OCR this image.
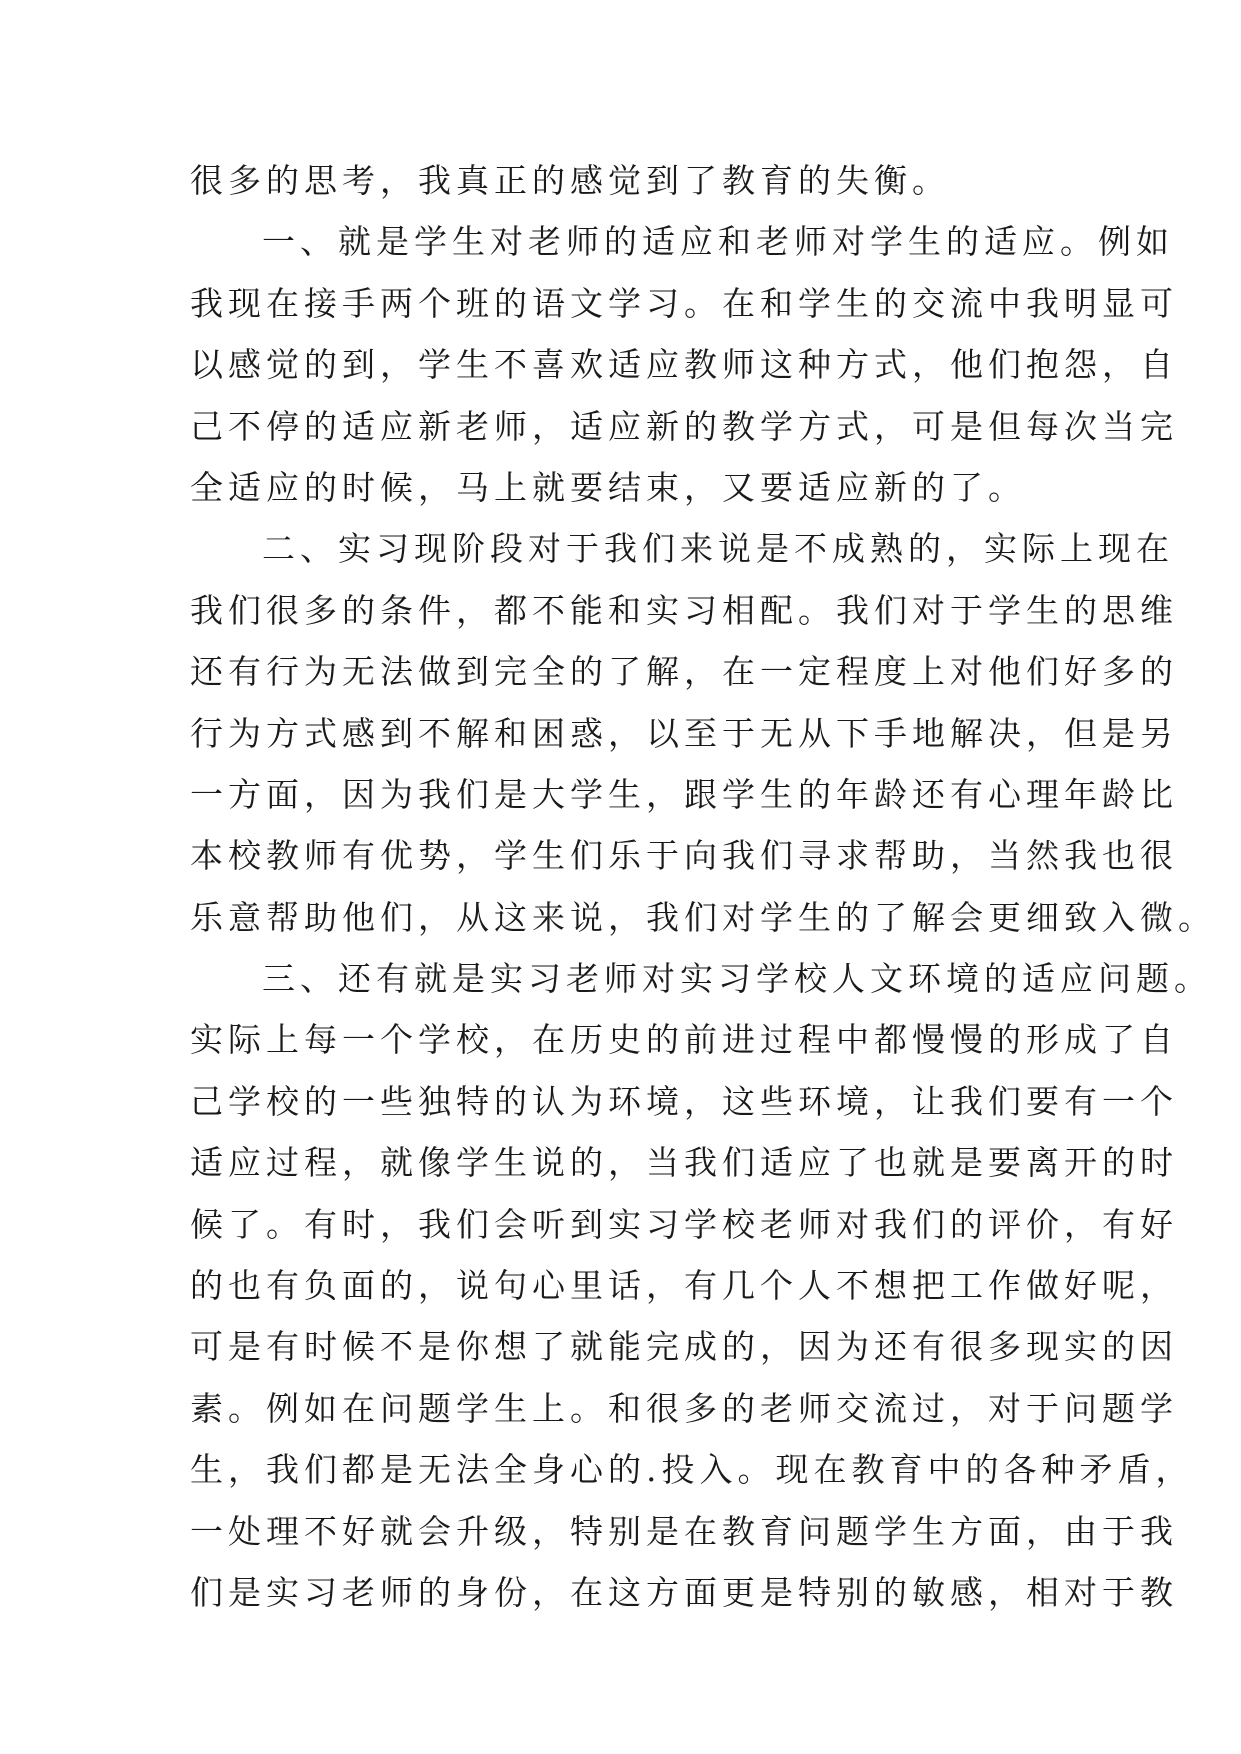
很多的思考，我真正的感觉到了教育的失衡。
一、就是学生对老师的适应和老师对学生的适应。例如
我现在接手两个班的语文学习。在和学生的交流中我明显可
以感觉的到，学生不喜欢适应教师这种方式，他们抱怨，自
己不停的适应新老师，适应新的教学方式，可是但每次当完
全适应的时候，马上就要结束，又要适应新的了。
二、实习现阶段对于我们来说是不成熟的，实际上现在
我们很多的条件，都不能和实习相配。我们对于学生的思维
还有行为无法做到完全的了解，在一定程度上对他们好多的
行为方式感到不解和困惑，以至于无从下手地解决，但是另
一方面，因为我们是大学生，跟学生的年龄还有心理年龄比
本校教师有优势，学生们乐于向我们寻求帮助，当然我也很
乐意帮助他们，从这来说，我们对学生的了解会更细致入微。
三、还有就是实习老师对实习学校人文环境的适应问题。
实际上每一个学校，在历史的前进过程中都慢慢的形成了自
己学校的一些独特的认为环境，这些环境，让我们要有一个
适应过程，就像学生说的，当我们适应了也就是要离开的时
候了。有时，我们会听到实习学校老师对我们的评价，有好
的也有负面的，说句心里话，有几个人不想把工作做好呢，
可是有时候不是你想了就能完成的，因为还有很多现实的因
素。例如在问题学生上。和很多的老师交流过，对于问题学
生，我们都是无法全身心的.投入。现在教育中的各种矛盾，
一处理不好就会升级，特别是在教育问题学生方面，由于我
们是实习老师的身份，在这方面更是特别的敏感，相对于教
